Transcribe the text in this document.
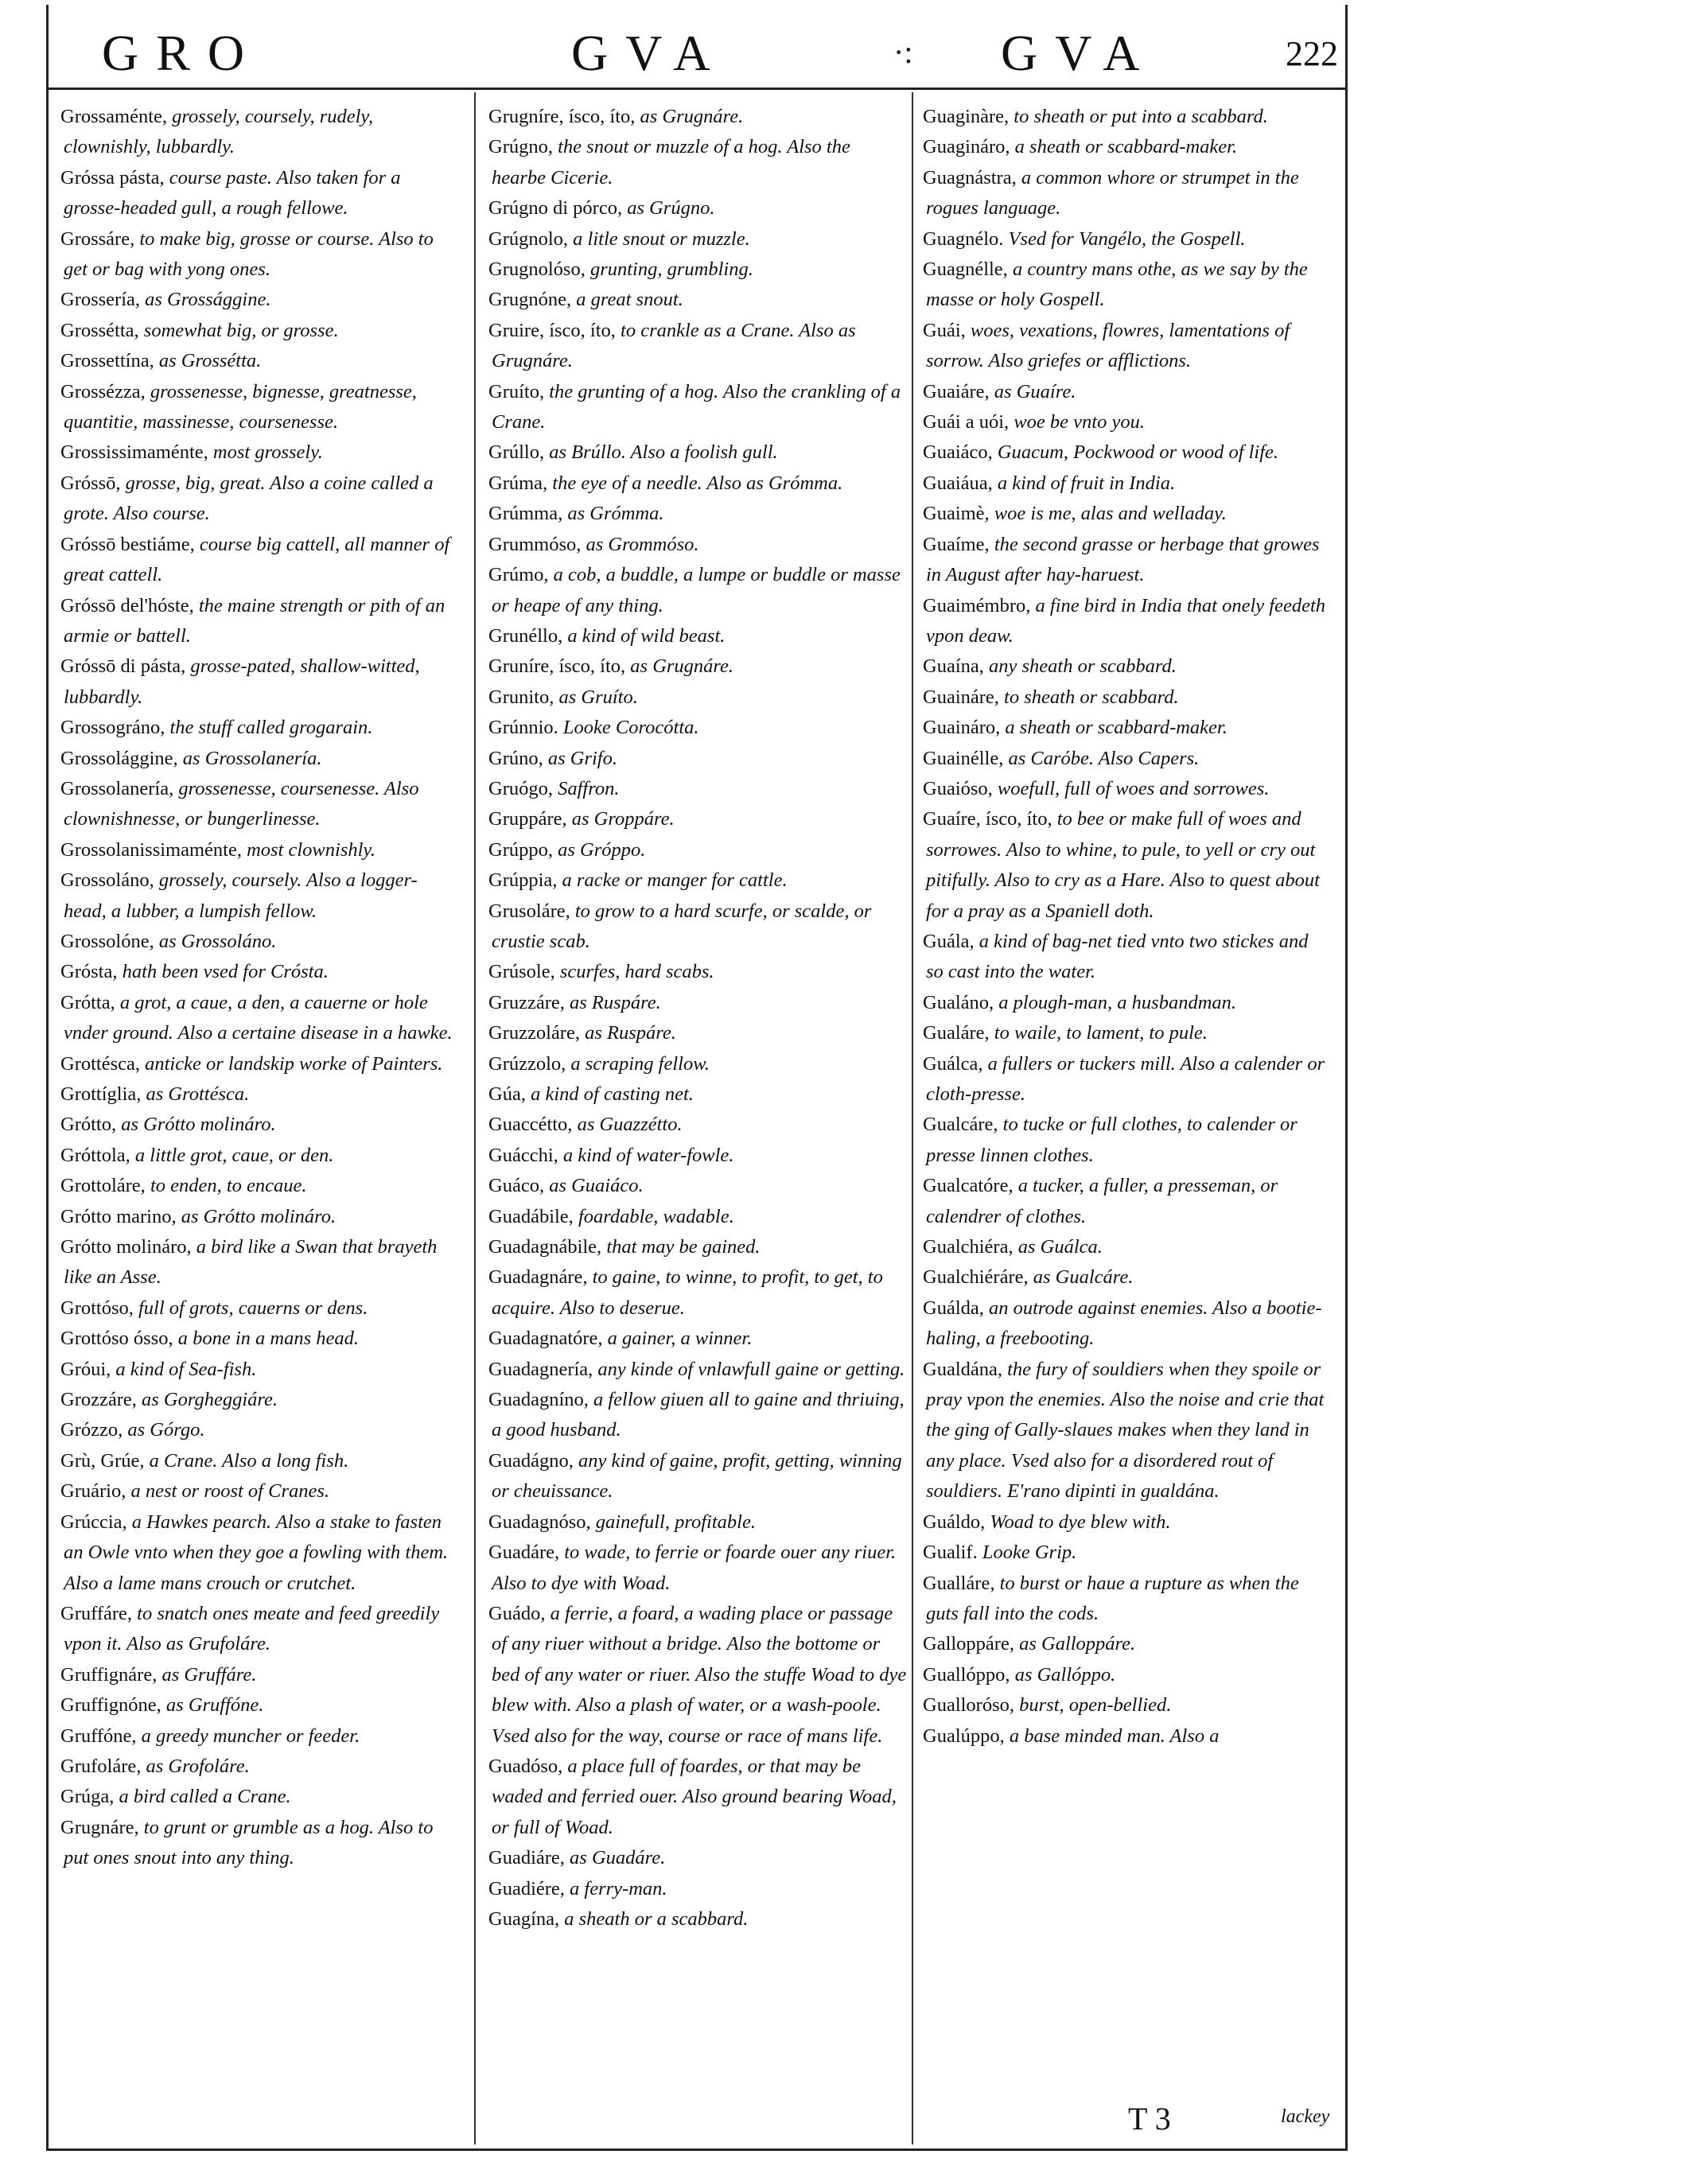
GRO	GVA	·: GVA	222

Grossaménte, grossely, coursely, rudely, clownishly, lubbardly.

Gróssa pásta, course paste. Also taken for a grosse-headed gull, a rough fellowe.

Grossáre, to make big, grosse or course. Also to get or bag with yong ones.

Grossería, as Grossággine.

Grossétta, somewhat big, or grosse.

Grossettína, as Grossétta.

Grossézza, grossenesse, bignesse, greatnesse, quantitie, massinesse, coursenesse.

Grossissimaménte, most grossely.

Gróssō, grosse, big, great. Also a coine called a grote. Also course.

Gróssō bestiáme, course big cattell, all manner of great cattell.

Gróssō del'hóste, the maine strength or pith of an armie or battell.

Gróssō di pásta, grosse-pated, shallow-witted, lubbardly.

Grossográno, the stuff called grogarain.

Grossolággine, as Grossolanería.

Grossolanería, grossenesse, coursenesse. Also clownishnesse, or bungerlinesse.

Grossolanissimaménte, most clownishly.

Grossoláno, grossely, coursely. Also a logger-head, a lubber, a lumpish fellow.

Grossolóne, as Grossoláno.

Grósta, hath been vsed for Crósta.

Grótta, a grot, a caue, a den, a cauerne or hole vnder ground. Also a certaine disease in a hawke.

Grottésca, anticke or landskip worke of Painters.

Grottíglia, as Grottésca.

Grótto, as Grótto molináro.

Gróttola, a little grot, caue, or den.

Grottoláre, to enden, to encaue.

Grótto marino, as Grótto molináro.

Grótto molináro, a bird like a Swan that brayeth like an Asse.

Grottóso, full of grots, cauerns or dens.

Grottóso ósso, a bone in a mans head.

Gróui, a kind of Sea-fish.

Grozzáre, as Gorgheggiáre.

Grózzo, as Górgo.

Grù, Grúe, a Crane. Also a long fish.

Gruário, a nest or roost of Cranes.

Grúccia, a Hawkes pearch. Also a stake to fasten an Owle vnto when they goe a fowling with them. Also a lame mans crouch or crutchet.

Gruffáre, to snatch ones meate and feed greedily vpon it. Also as Grufoláre.

Gruffignáre, as Gruffáre.

Gruffignóne, as Gruffóne.

Gruffóne, a greedy muncher or feeder.

Grufoláre, as Grofoláre.

Grúga, a bird called a Crane.

Grugnáre, to grunt or grumble as a hog. Also to put ones snout into any thing.

Grugníre, ísco, íto, as Grugnáre.

Grúgno, the snout or muzzle of a hog. Also the hearbe Cicerie.

Grúgno di pórco, as Grúgno.

Grúgnolo, a litle snout or muzzle.

Grugnolóso, grunting, grumbling.

Grugnóne, a great snout.

Gruire, ísco, íto, to crankle as a Crane. Also as Grugnáre.

Gruíto, the grunting of a hog. Also the crankling of a Crane.

Grúllo, as Brúllo. Also a foolish gull.

Grúma, the eye of a needle. Also as Grómma.

Grúmma, as Grómma.

Grummóso, as Grommóso.

Grúmo, a cob, a buddle, a lumpe or buddle or masse or heape of any thing.

Grunéllo, a kind of wild beast.

Gruníre, ísco, íto, as Grugnáre.

Grunito, as Gruíto.

Grúnnio. Looke Corocótta.

Grúno, as Grifo.

Gruógo, Saffron.

Gruppáre, as Groppáre.

Grúppo, as Gróppo.

Grúppia, a racke or manger for cattle.

Grusoláre, to grow to a hard scurfe, or scalde, or crustie scab.

Grúsole, scurfes, hard scabs.

Gruzzáre, as Ruspáre.

Gruzzoláre, as Ruspáre.

Grúzzolo, a scraping fellow.

Gúa, a kind of casting net.

Guaccétto, as Guazzétto.

Guácchi, a kind of water-fowle.

Guáco, as Guaiáco.

Guadábile, foardable, wadable.

Guadagnábile, that may be gained.

Guadagnáre, to gaine, to winne, to profit, to get, to acquire. Also to deserue.

Guadagnatóre, a gainer, a winner.

Guadagnería, any kinde of vnlawfull gaine or getting.

Guadagníno, a fellow giuen all to gaine and thriuing, a good husband.

Guadágno, any kind of gaine, profit, getting, winning or cheuissance.

Guadagnóso, gainefull, profitable.

Guadáre, to wade, to ferrie or foarde ouer any riuer. Also to dye with Woad.

Guádo, a ferrie, a foard, a wading place or passage of any riuer without a bridge. Also the bottome or bed of any water or riuer. Also the stuffe Woad to dye blew with. Also a plash of water, or a wash-poole. Vsed also for the way, course or race of mans life.

Guadóso, a place full of foardes, or that may be waded and ferried ouer. Also ground bearing Woad, or full of Woad.

Guadiáre, as Guadáre.

Guadiére, a ferry-man.

Guagína, a sheath or a scabbard.

Guaginàre, to sheath or put into a scabbard.

Guagináro, a sheath or scabbard-maker.

Guagnástra, a common whore or strumpet in the rogues language.

Guagnélo. Vsed for Vangélo, the Gospell.

Guagnélle, a country mans othe, as we say by the masse or holy Gospell.

Guái, woes, vexations, flowres, lamentations of sorrow. Also griefes or afflictions.

Guaiáre, as Guaíre.

Guái a uói, woe be vnto you.

Guaiáco, Guacum, Pockwood or wood of life.

Guaiáua, a kind of fruit in India.

Guaimè, woe is me, alas and welladay.

Guaíme, the second grasse or herbage that growes in August after hay-haruest.

Guaimémbro, a fine bird in India that onely feedeth vpon deaw.

Guaína, any sheath or scabbard.

Guaináre, to sheath or scabbard.

Guaináro, a sheath or scabbard-maker.

Guainélle, as Carόbe. Also Capers.

Guaióso, woefull, full of woes and sorrowes.

Guaíre, ísco, íto, to bee or make full of woes and sorrowes. Also to whine, to pule, to yell or cry out pitifully. Also to cry as a Hare. Also to quest about for a pray as a Spaniell doth.

Guála, a kind of bag-net tied vnto two stickes and so cast into the water.

Gualáno, a plough-man, a husbandman.

Gualáre, to waile, to lament, to pule.

Guálca, a fullers or tuckers mill. Also a calender or cloth-presse.

Gualcáre, to tucke or full clothes, to calender or presse linnen clothes.

Gualcatóre, a tucker, a fuller, a presseman, or calendrer of clothes.

Gualchiéra, as Guálca.

Gualchiéráre, as Gualcáre.

Guálda, an outrode against enemies. Also a bootie-haling, a freebooting.

Gualdána, the fury of souldiers when they spoile or pray vpon the enemies. Also the noise and crie that the ging of Gally-slaues makes when they land in any place. Vsed also for a disordered rout of souldiers. E'rano dipinti in gualdána.

Guáldo, Woad to dye blew with.

Gualif. Looke Grip.

Gualláre, to burst or haue a rupture as when the guts fall into the cods.

Galloppáre, as Galloppáre.

Guallóppo, as Gallóppo.

Gualloróso, burst, open-bellied.

Gualúppo, a base minded man. Also a

T 3	lackey
